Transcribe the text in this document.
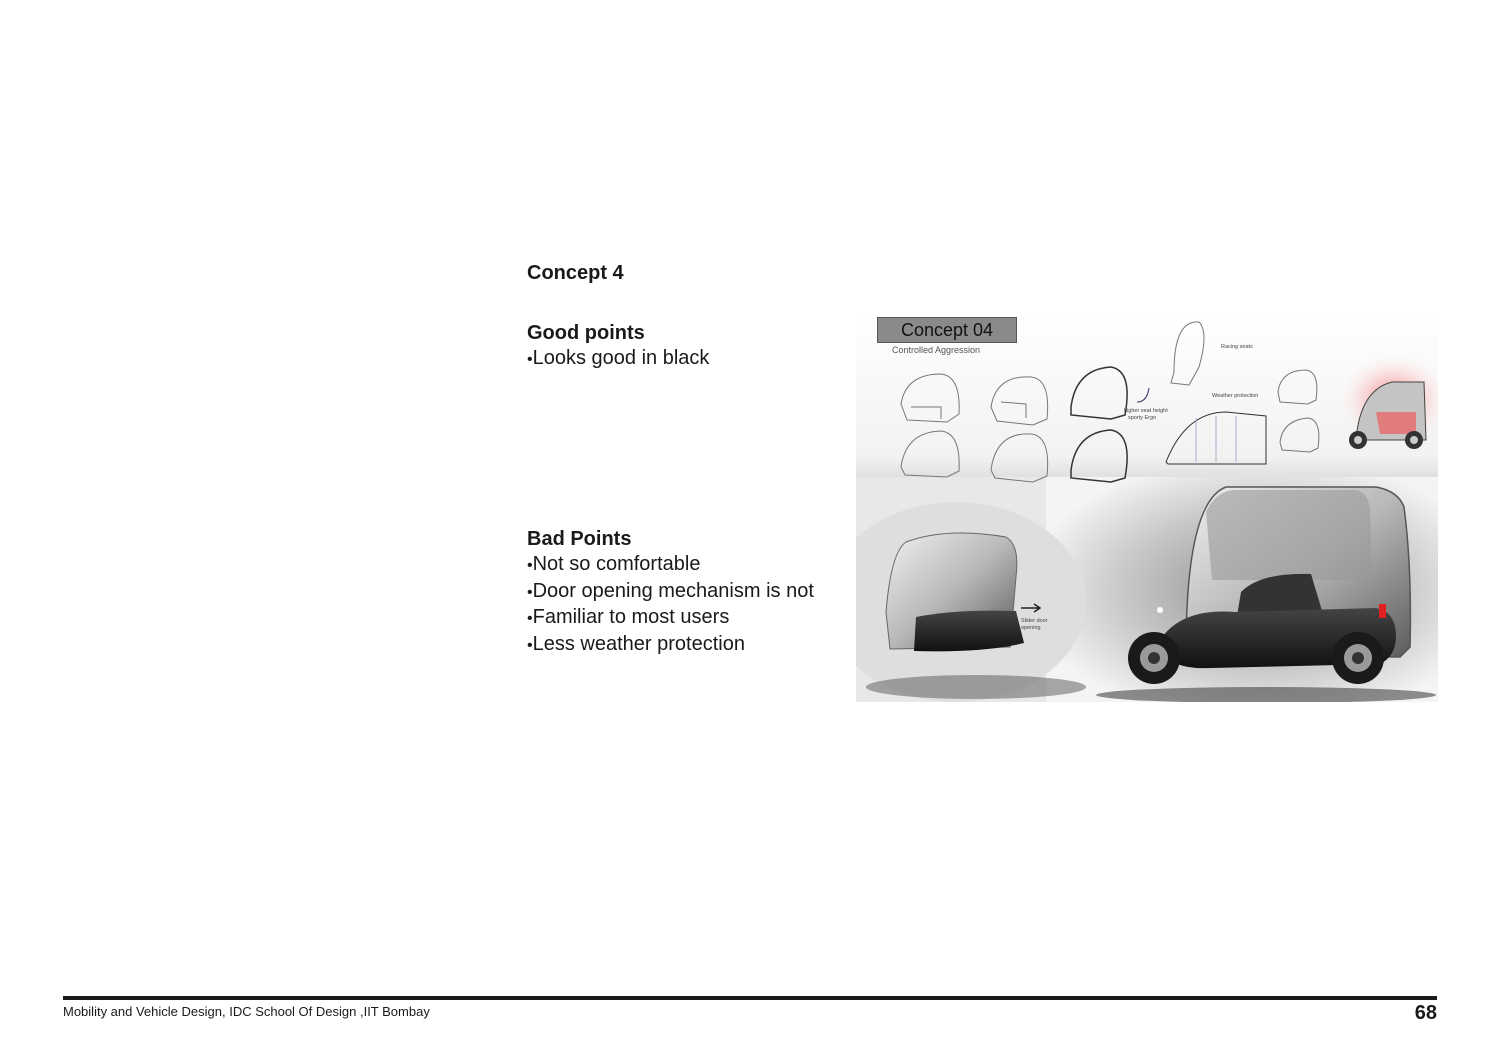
Concept 4
Good points
• Looks good in black
Bad Points
• Not so comfortable
• Door opening mechanism is not
• Familiar to most users
• Less weather protection
Concept 04
Controlled Aggression	Racing seats
higher seat height
sporty Ergo
Weather protection
Slider door
opening
Mobility and Vehicle Design, IDC School Of Design ,IIT Bombay	68
